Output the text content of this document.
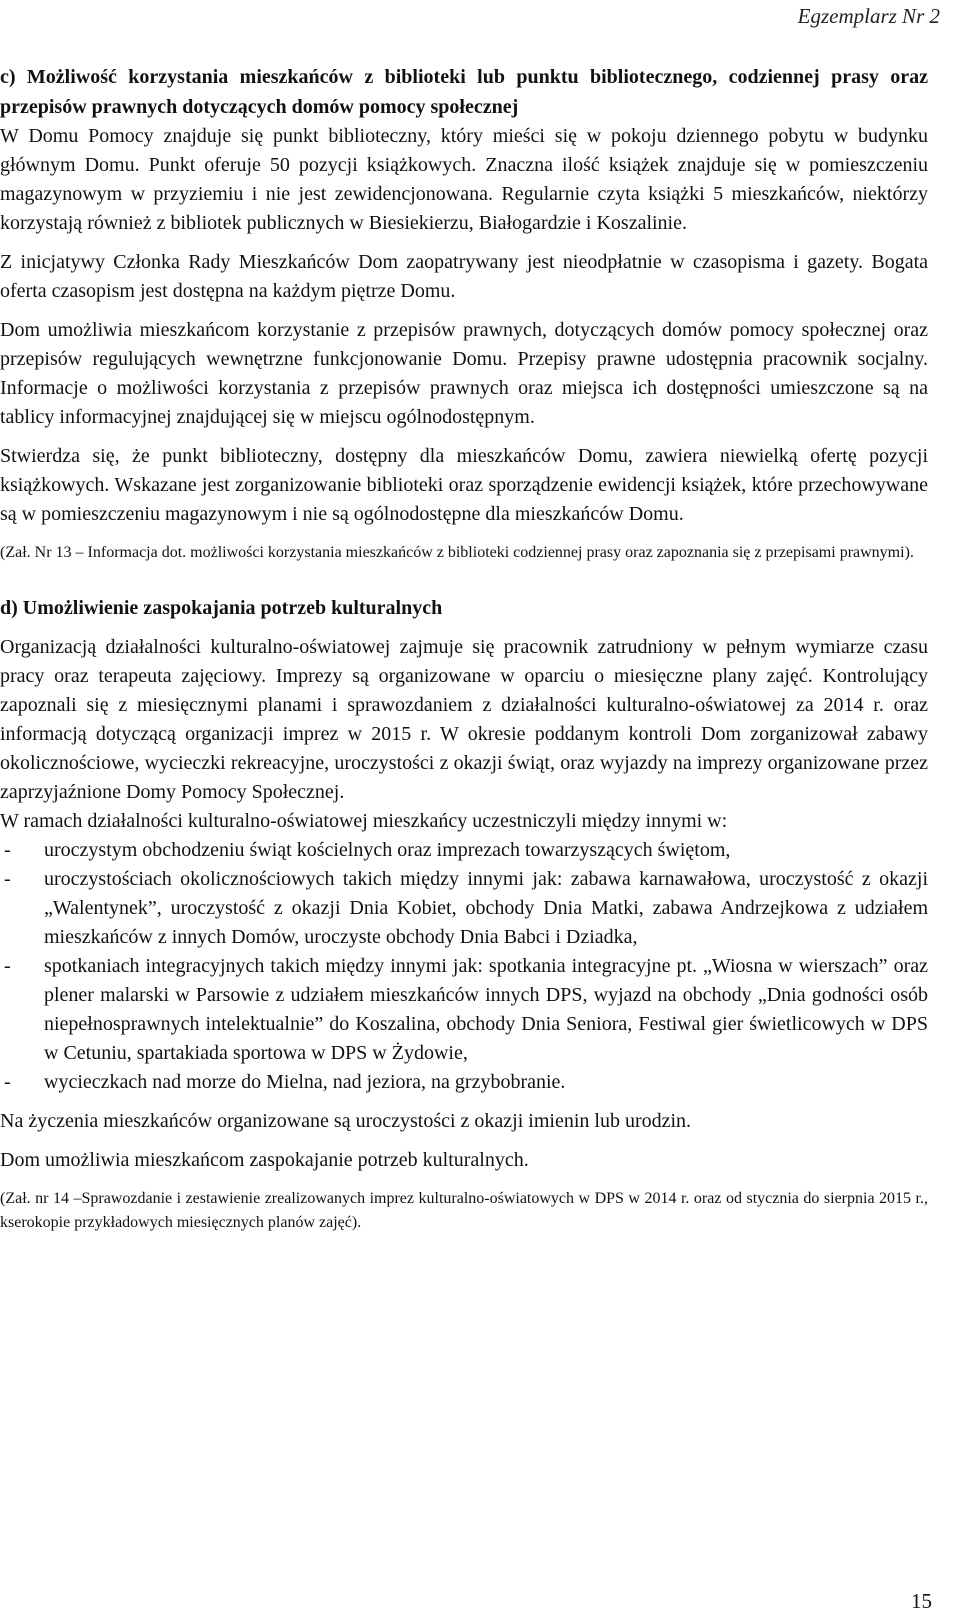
Egzemplarz Nr 2

c) Możliwość korzystania mieszkańców z biblioteki lub punktu bibliotecznego, codziennej prasy oraz przepisów prawnych dotyczących domów pomocy społecznej

W Domu Pomocy znajduje się punkt biblioteczny, który mieści się w pokoju dziennego pobytu w budynku głównym Domu. Punkt oferuje 50 pozycji książkowych. Znaczna ilość książek znajduje się w pomieszczeniu magazynowym w przyziemiu i nie jest zewidencjonowana. Regularnie czyta książki 5 mieszkańców, niektórzy korzystają również z bibliotek publicznych w Biesiekierzu, Białogardzie i Koszalinie.

Z inicjatywy Członka Rady Mieszkańców Dom zaopatrywany jest nieodpłatnie w czasopisma i gazety. Bogata oferta czasopism jest dostępna na każdym piętrze Domu.

Dom umożliwia mieszkańcom korzystanie z przepisów prawnych, dotyczących domów pomocy społecznej oraz przepisów regulujących wewnętrzne funkcjonowanie Domu. Przepisy prawne udostępnia pracownik socjalny. Informacje o możliwości korzystania z przepisów prawnych oraz miejsca ich dostępności umieszczone są na tablicy informacyjnej znajdującej się w miejscu ogólnodostępnym.

Stwierdza się, że punkt biblioteczny, dostępny dla mieszkańców Domu, zawiera niewielką ofertę pozycji książkowych. Wskazane jest zorganizowanie biblioteki oraz sporządzenie ewidencji książek, które przechowywane są w pomieszczeniu magazynowym i nie są ogólnodostępne dla mieszkańców Domu.

(Zał. Nr 13 – Informacja dot. możliwości korzystania mieszkańców z biblioteki codziennej prasy oraz zapoznania się z przepisami prawnymi).

d) Umożliwienie zaspokajania potrzeb kulturalnych

Organizacją działalności kulturalno-oświatowej zajmuje się pracownik zatrudniony w pełnym wymiarze czasu pracy oraz terapeuta zajęciowy. Imprezy są organizowane w oparciu o miesięczne plany zajęć. Kontrolujący zapoznali się z miesięcznymi planami i sprawozdaniem z działalności kulturalno-oświatowej za 2014 r. oraz informacją dotyczącą organizacji imprez w 2015 r. W okresie poddanym kontroli Dom zorganizował zabawy okolicznościowe, wycieczki rekreacyjne, uroczystości z okazji świąt, oraz wyjazdy na imprezy organizowane przez zaprzyjaźnione Domy Pomocy Społecznej.

W ramach działalności kulturalno-oświatowej mieszkańcy uczestniczyli między innymi w:

- uroczystym obchodzeniu świąt kościelnych oraz imprezach towarzyszących świętom,
- uroczystościach okolicznościowych takich między innymi jak: zabawa karnawałowa, uroczystość z okazji „Walentynek”, uroczystość z okazji Dnia Kobiet, obchody Dnia Matki, zabawa Andrzejkowa z udziałem mieszkańców z innych Domów, uroczyste obchody Dnia Babci i Dziadka,
- spotkaniach integracyjnych takich między innymi jak: spotkania integracyjne pt. „Wiosna w wierszach” oraz plener malarski w Parsowie z udziałem mieszkańców innych DPS, wyjazd na obchody „Dnia godności osób niepełnosprawnych intelektualnie” do Koszalina, obchody Dnia Seniora, Festiwal gier świetlicowych w DPS w Cetuniu, spartakiada sportowa w DPS w Żydowie,
- wycieczkach nad morze do Mielna, nad jeziora, na grzybobranie.

Na życzenia mieszkańców organizowane są uroczystości z okazji imienin lub urodzin.

Dom umożliwia mieszkańcom zaspokajanie potrzeb kulturalnych.

(Zał. nr 14 –Sprawozdanie i zestawienie zrealizowanych imprez kulturalno-oświatowych w DPS w 2014 r. oraz od stycznia do sierpnia 2015 r., kserokopie przykładowych miesięcznych planów zajęć).

15
